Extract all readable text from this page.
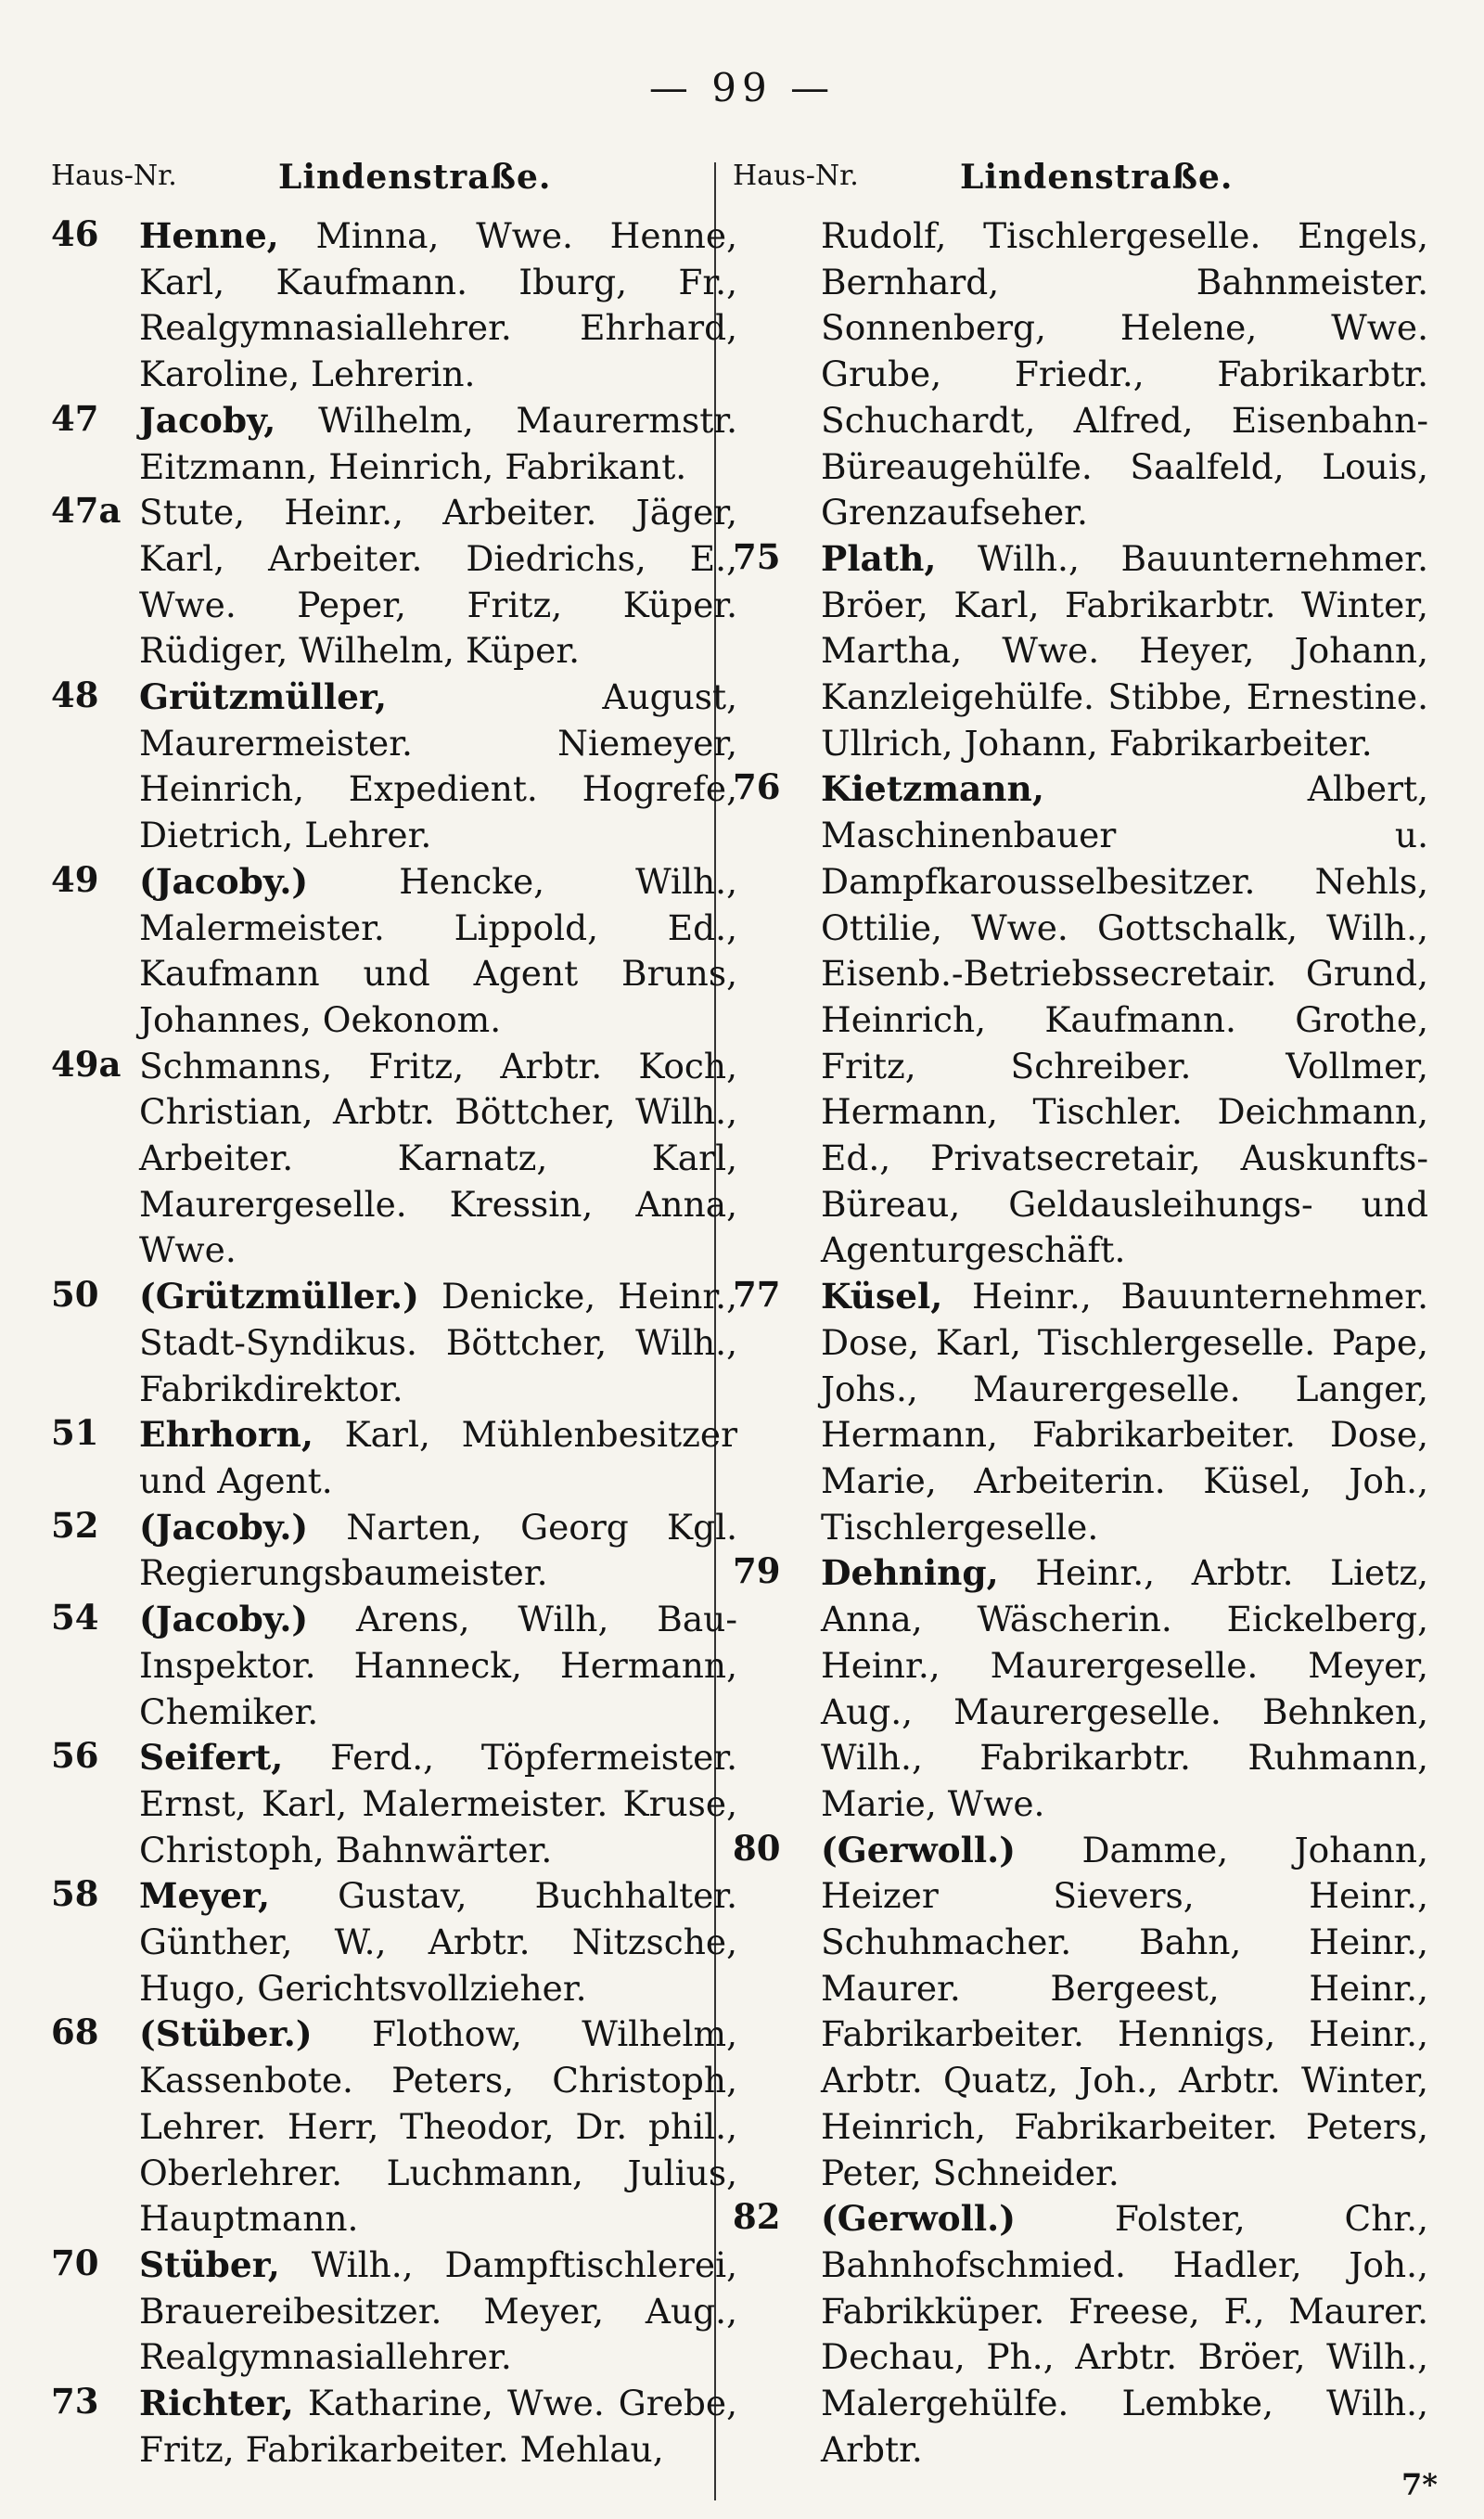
— 99 —
Haus-Nr.	Lindenstraße.
46	Henne, Minna, Wwe. Henne, Karl, Kaufmann. Iburg, Fr., Realgymnasiallehrer. Ehrhard, Karoline, Lehrerin.
47	Jacoby, Wilhelm, Maurermstr. Eitzmann, Heinrich, Fabrikant.
47a Stute, Heinr., Arbeiter. Jäger, Karl, Arbeiter. Diedrichs, E., Wwe. Peper, Fritz, Küper. Rüdiger, Wilhelm, Küper.
48	Grützmüller,	August, Maurermeister. Niemeyer, Heinrich, Expedient. Hogrefe, Dietrich, Lehrer.
49	(Jacoby.)	Hencke, Wilh., Malermeister. Lippold, Ed., Kaufmann und Agent Bruns, Johannes, Oekonom.
49a Schmanns, Fritz, Arbtr. Koch, Christian, Arbtr. Böttcher, Wilh., Arbeiter. Karnatz, Karl, Maurergeselle. Kressin, Anna, Wwe.
50	(Grützmüller.) Denicke, Heinr., Stadt-Syndikus. Böttcher, Wilh., Fabrikdirektor.
51	Ehrhorn, Karl, Mühlenbesitzer und Agent.
52	(Jacoby.) Narten, Georg Kgl. Regierungsbaumeister.
54	(Jacoby.) Arens, Wilh, Bau-Inspektor. Hanneck, Hermann, Chemiker.
56	Seifert, Ferd., Töpfermeister. Ernst, Karl, Malermeister. Kruse, Christoph, Bahnwärter.
58	Meyer, Gustav, Buchhalter. Günther, W., Arbtr. Nitzsche, Hugo, Gerichtsvollzieher.
68	(Stüber.) Flothow, Wilhelm, Kassenbote. Peters, Christoph, Lehrer. Herr, Theodor, Dr. phil., Oberlehrer. Luchmann, Julius, Hauptmann.
70	Stüber, Wilh., Dampftischlerei, Brauereibesitzer. Meyer, Aug., Realgymnasiallehrer.
73	Richter, Katharine, Wwe. Grebe, Fritz, Fabrikarbeiter. Mehlau,
Haus-Nr.	Lindenstraße.
Rudolf, Tischlergeselle. Engels, Bernhard, Bahnmeister. Sonnenberg, Helene, Wwe. Grube, Friedr., Fabrikarbtr. Schuchardt, Alfred, Eisenbahn-Büreaugehülfe. Saalfeld, Louis, Grenzaufseher.
75	Plath, Wilh., Bauunternehmer. Bröer, Karl, Fabrikarbtr. Winter, Martha, Wwe. Heyer, Johann, Kanzleigehülfe. Stibbe, Ernestine. Ullrich, Johann, Fabrikarbeiter.
76	Kietzmann,	Albert, Maschinenbauer u. Dampfkarousselbesitzer. Nehls, Ottilie, Wwe. Gottschalk, Wilh., Eisenb.-Betriebssecretair. Grund, Heinrich, Kaufmann. Grothe, Fritz, Schreiber. Vollmer, Hermann, Tischler. Deichmann, Ed., Privatsecretair, Auskunfts-Büreau, Geldausleihungs- und Agenturgeschäft.
77	Küsel, Heinr., Bauunternehmer. Dose, Karl, Tischlergeselle. Pape, Johs., Maurergeselle. Langer, Hermann, Fabrikarbeiter. Dose, Marie, Arbeiterin. Küsel, Joh., Tischlergeselle.
79	Dehning, Heinr., Arbtr. Lietz, Anna, Wäscherin. Eickelberg, Heinr., Maurergeselle. Meyer, Aug., Maurergeselle. Behnken, Wilh., Fabrikarbtr. Ruhmann, Marie, Wwe.
80	(Gerwoll.) Damme, Johann, Heizer Sievers, Heinr., Schuhmacher. Bahn, Heinr., Maurer. Bergeest, Heinr., Fabrikarbeiter. Hennigs, Heinr., Arbtr. Quatz, Joh., Arbtr. Winter, Heinrich, Fabrikarbeiter. Peters, Peter, Schneider.
82	(Gerwoll.)	Folster, Chr., Bahnhofschmied. Hadler, Joh., Fabrikküper. Freese, F., Maurer. Dechau, Ph., Arbtr. Bröer, Wilh., Malergehülfe. Lembke, Wilh., Arbtr.
7*
